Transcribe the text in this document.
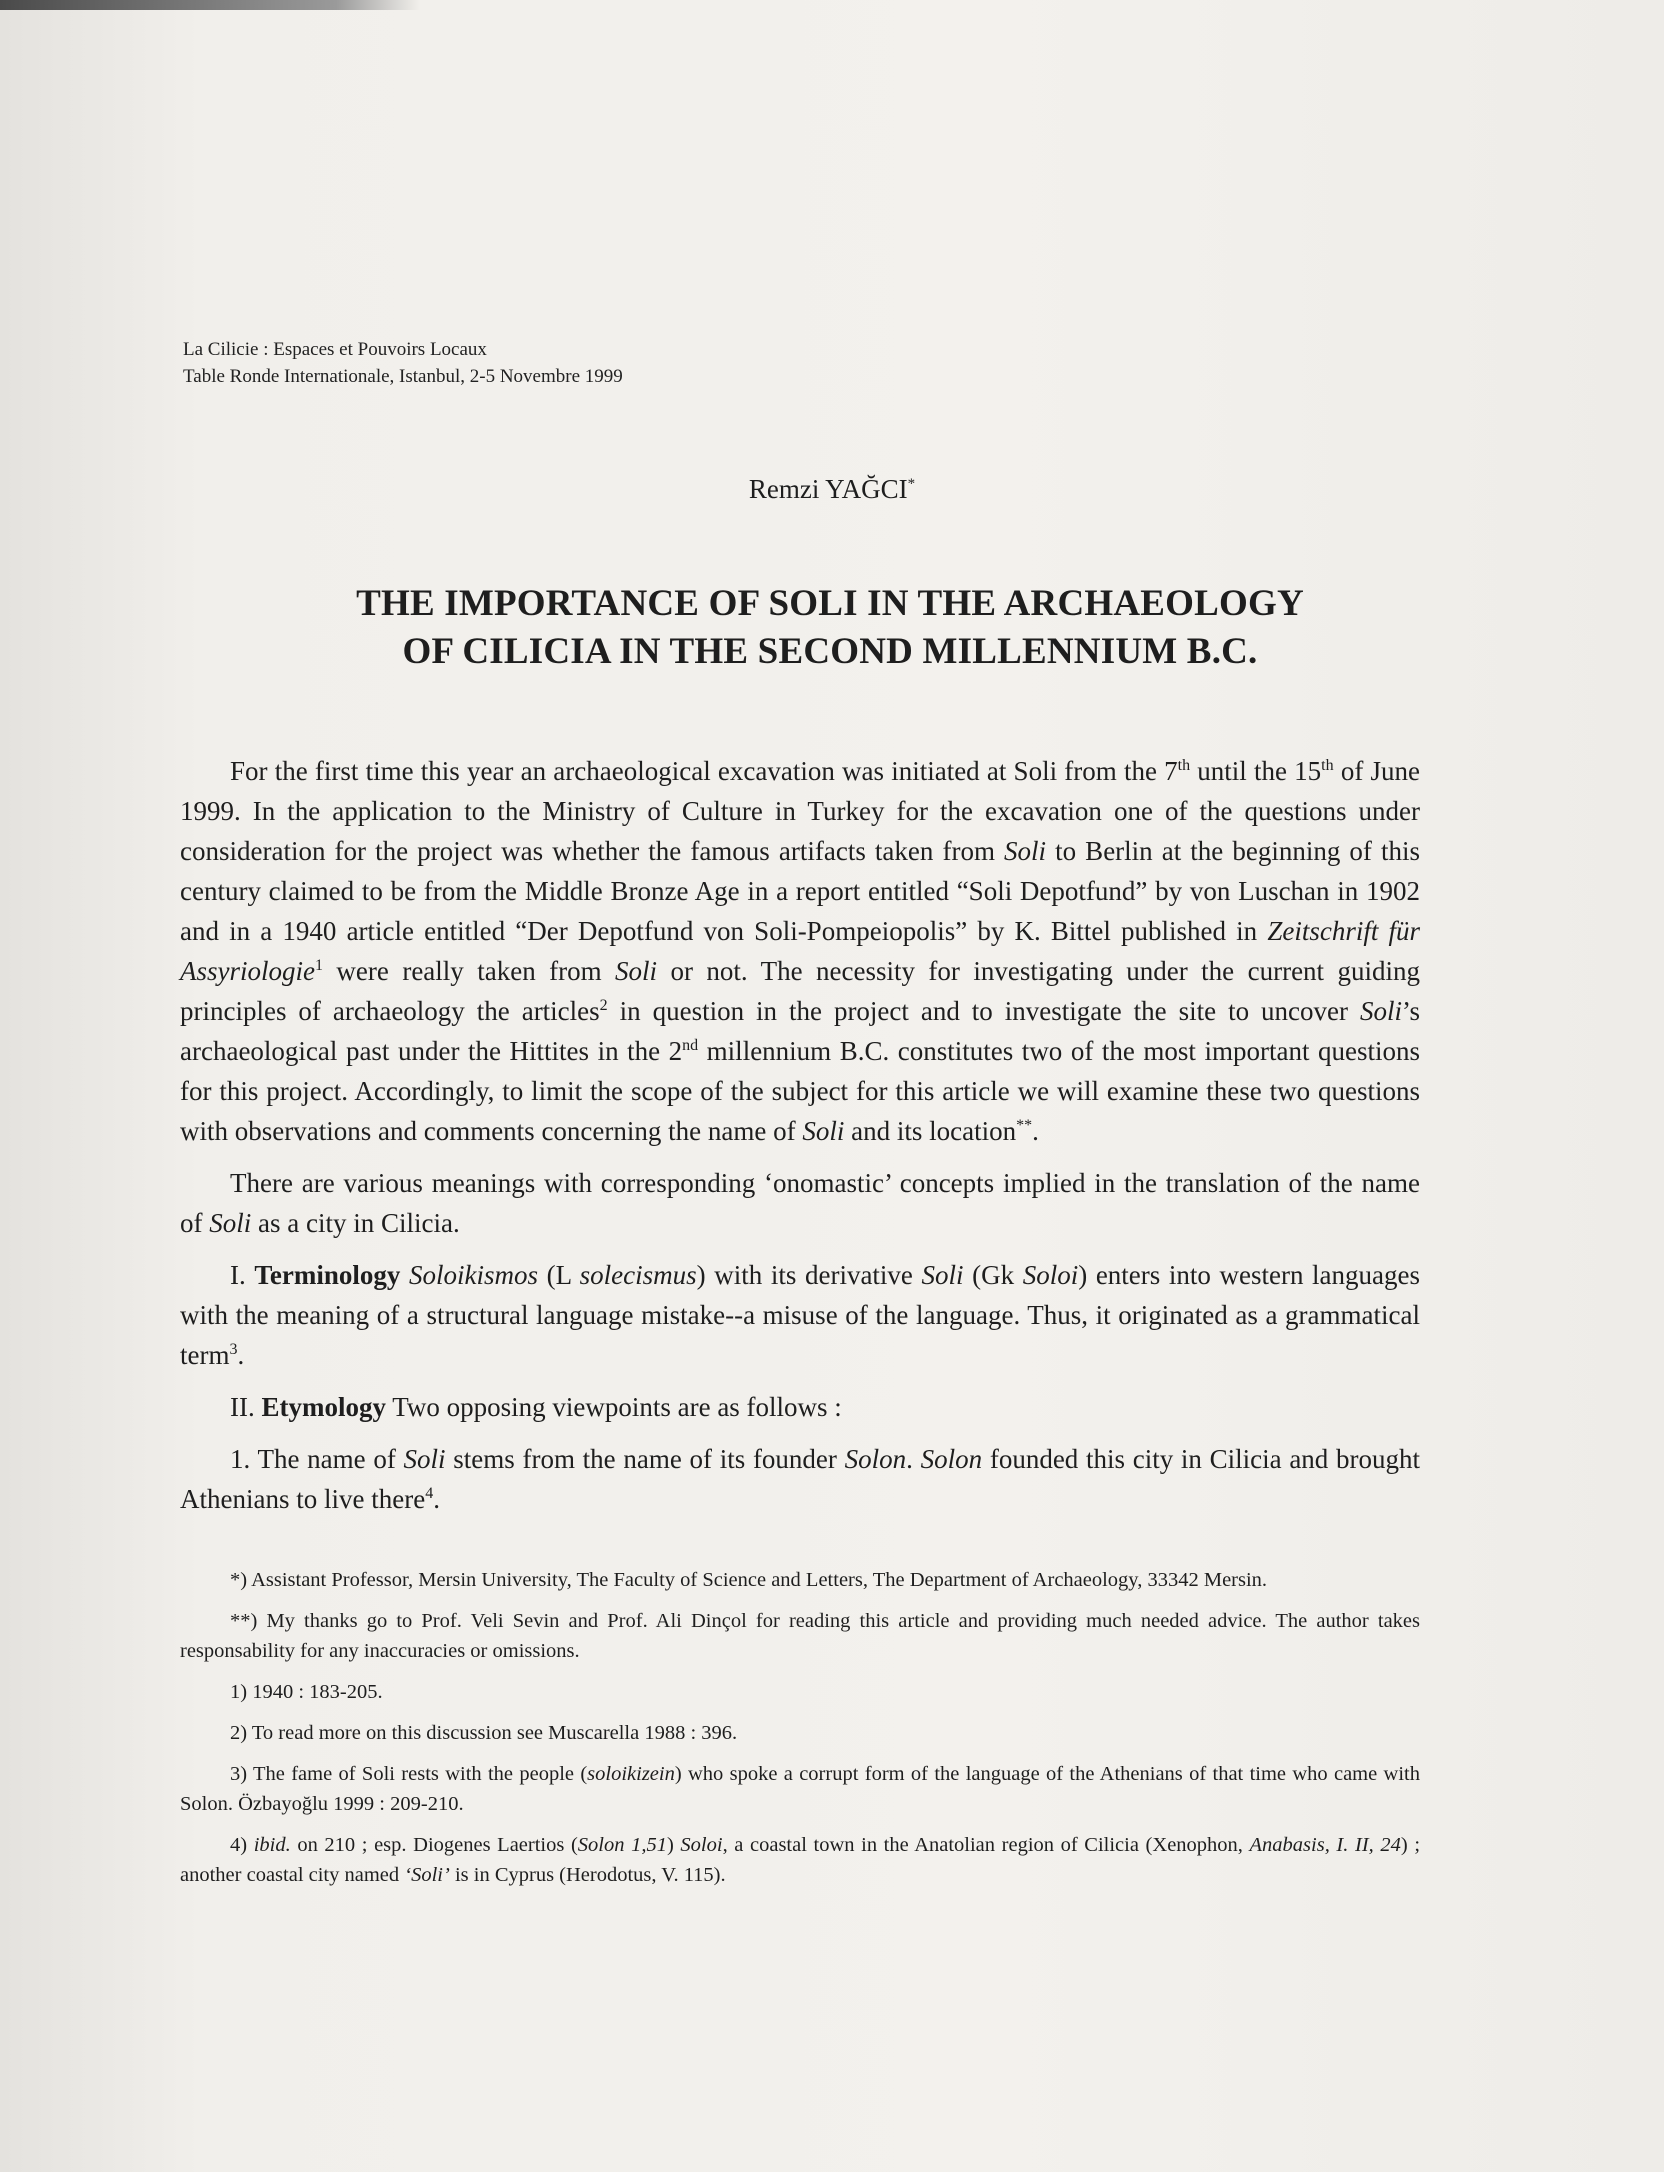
La Cilicie : Espaces et Pouvoirs Locaux
Table Ronde Internationale, Istanbul, 2-5 Novembre 1999
Remzi YAĞCI*
THE IMPORTANCE OF SOLI IN THE ARCHAEOLOGY
OF CILICIA IN THE SECOND MILLENNIUM B.C.

For the first time this year an archaeological excavation was initiated at Soli from the 7th until the 15th of June 1999. In the application to the Ministry of Culture in Turkey for the excavation one of the questions under consideration for the project was whether the famous artifacts taken from Soli to Berlin at the beginning of this century claimed to be from the Middle Bronze Age in a report entitled “Soli Depotfund” by von Luschan in 1902 and in a 1940 article entitled “Der Depotfund von Soli-Pompeiopolis” by K. Bittel published in Zeitschrift für Assyriologie$^1$ were really taken from Soli or not. The necessity for investigating under the current guiding principles of archaeology the articles$^2$ in question in the project and to investigate the site to uncover Soli’s archaeological past under the Hittites in the 2nd millennium B.C. constitutes two of the most important questions for this project. Accordingly, to limit the scope of the subject for this article we will examine these two questions with observations and comments concerning the name of Soli and its location**.

There are various meanings with corresponding ‘onomastic’ concepts implied in the translation of the name of Soli as a city in Cilicia.

I. Terminology Soloikismos (L solecismus) with its derivative Soli (Gk Soloi) enters into western languages with the meaning of a structural language mistake--a misuse of the language. Thus, it originated as a grammatical term$^3$.

II. Etymology Two opposing viewpoints are as follows :

1. The name of Soli stems from the name of its founder Solon. Solon founded this city in Cilicia and brought Athenians to live there$^4$.

*) Assistant Professor, Mersin University, The Faculty of Science and Letters, The Department of Archaeology, 33342 Mersin.

**) My thanks go to Prof. Veli Sevin and Prof. Ali Dinçol for reading this article and providing much needed advice. The author takes responsability for any inaccuracies or omissions.

1) 1940 : 183-205.

2) To read more on this discussion see Muscarella 1988 : 396.

3) The fame of Soli rests with the people (soloikizein) who spoke a corrupt form of the language of the Athenians of that time who came with Solon. Özbayoğlu 1999 : 209-210.

4) ibid. on 210 ; esp. Diogenes Laertios (Solon 1,51) Soloi, a coastal town in the Anatolian region of Cilicia (Xenophon, Anabasis, I. II, 24) ; another coastal city named ‘Soli’ is in Cyprus (Herodotus, V. 115).
